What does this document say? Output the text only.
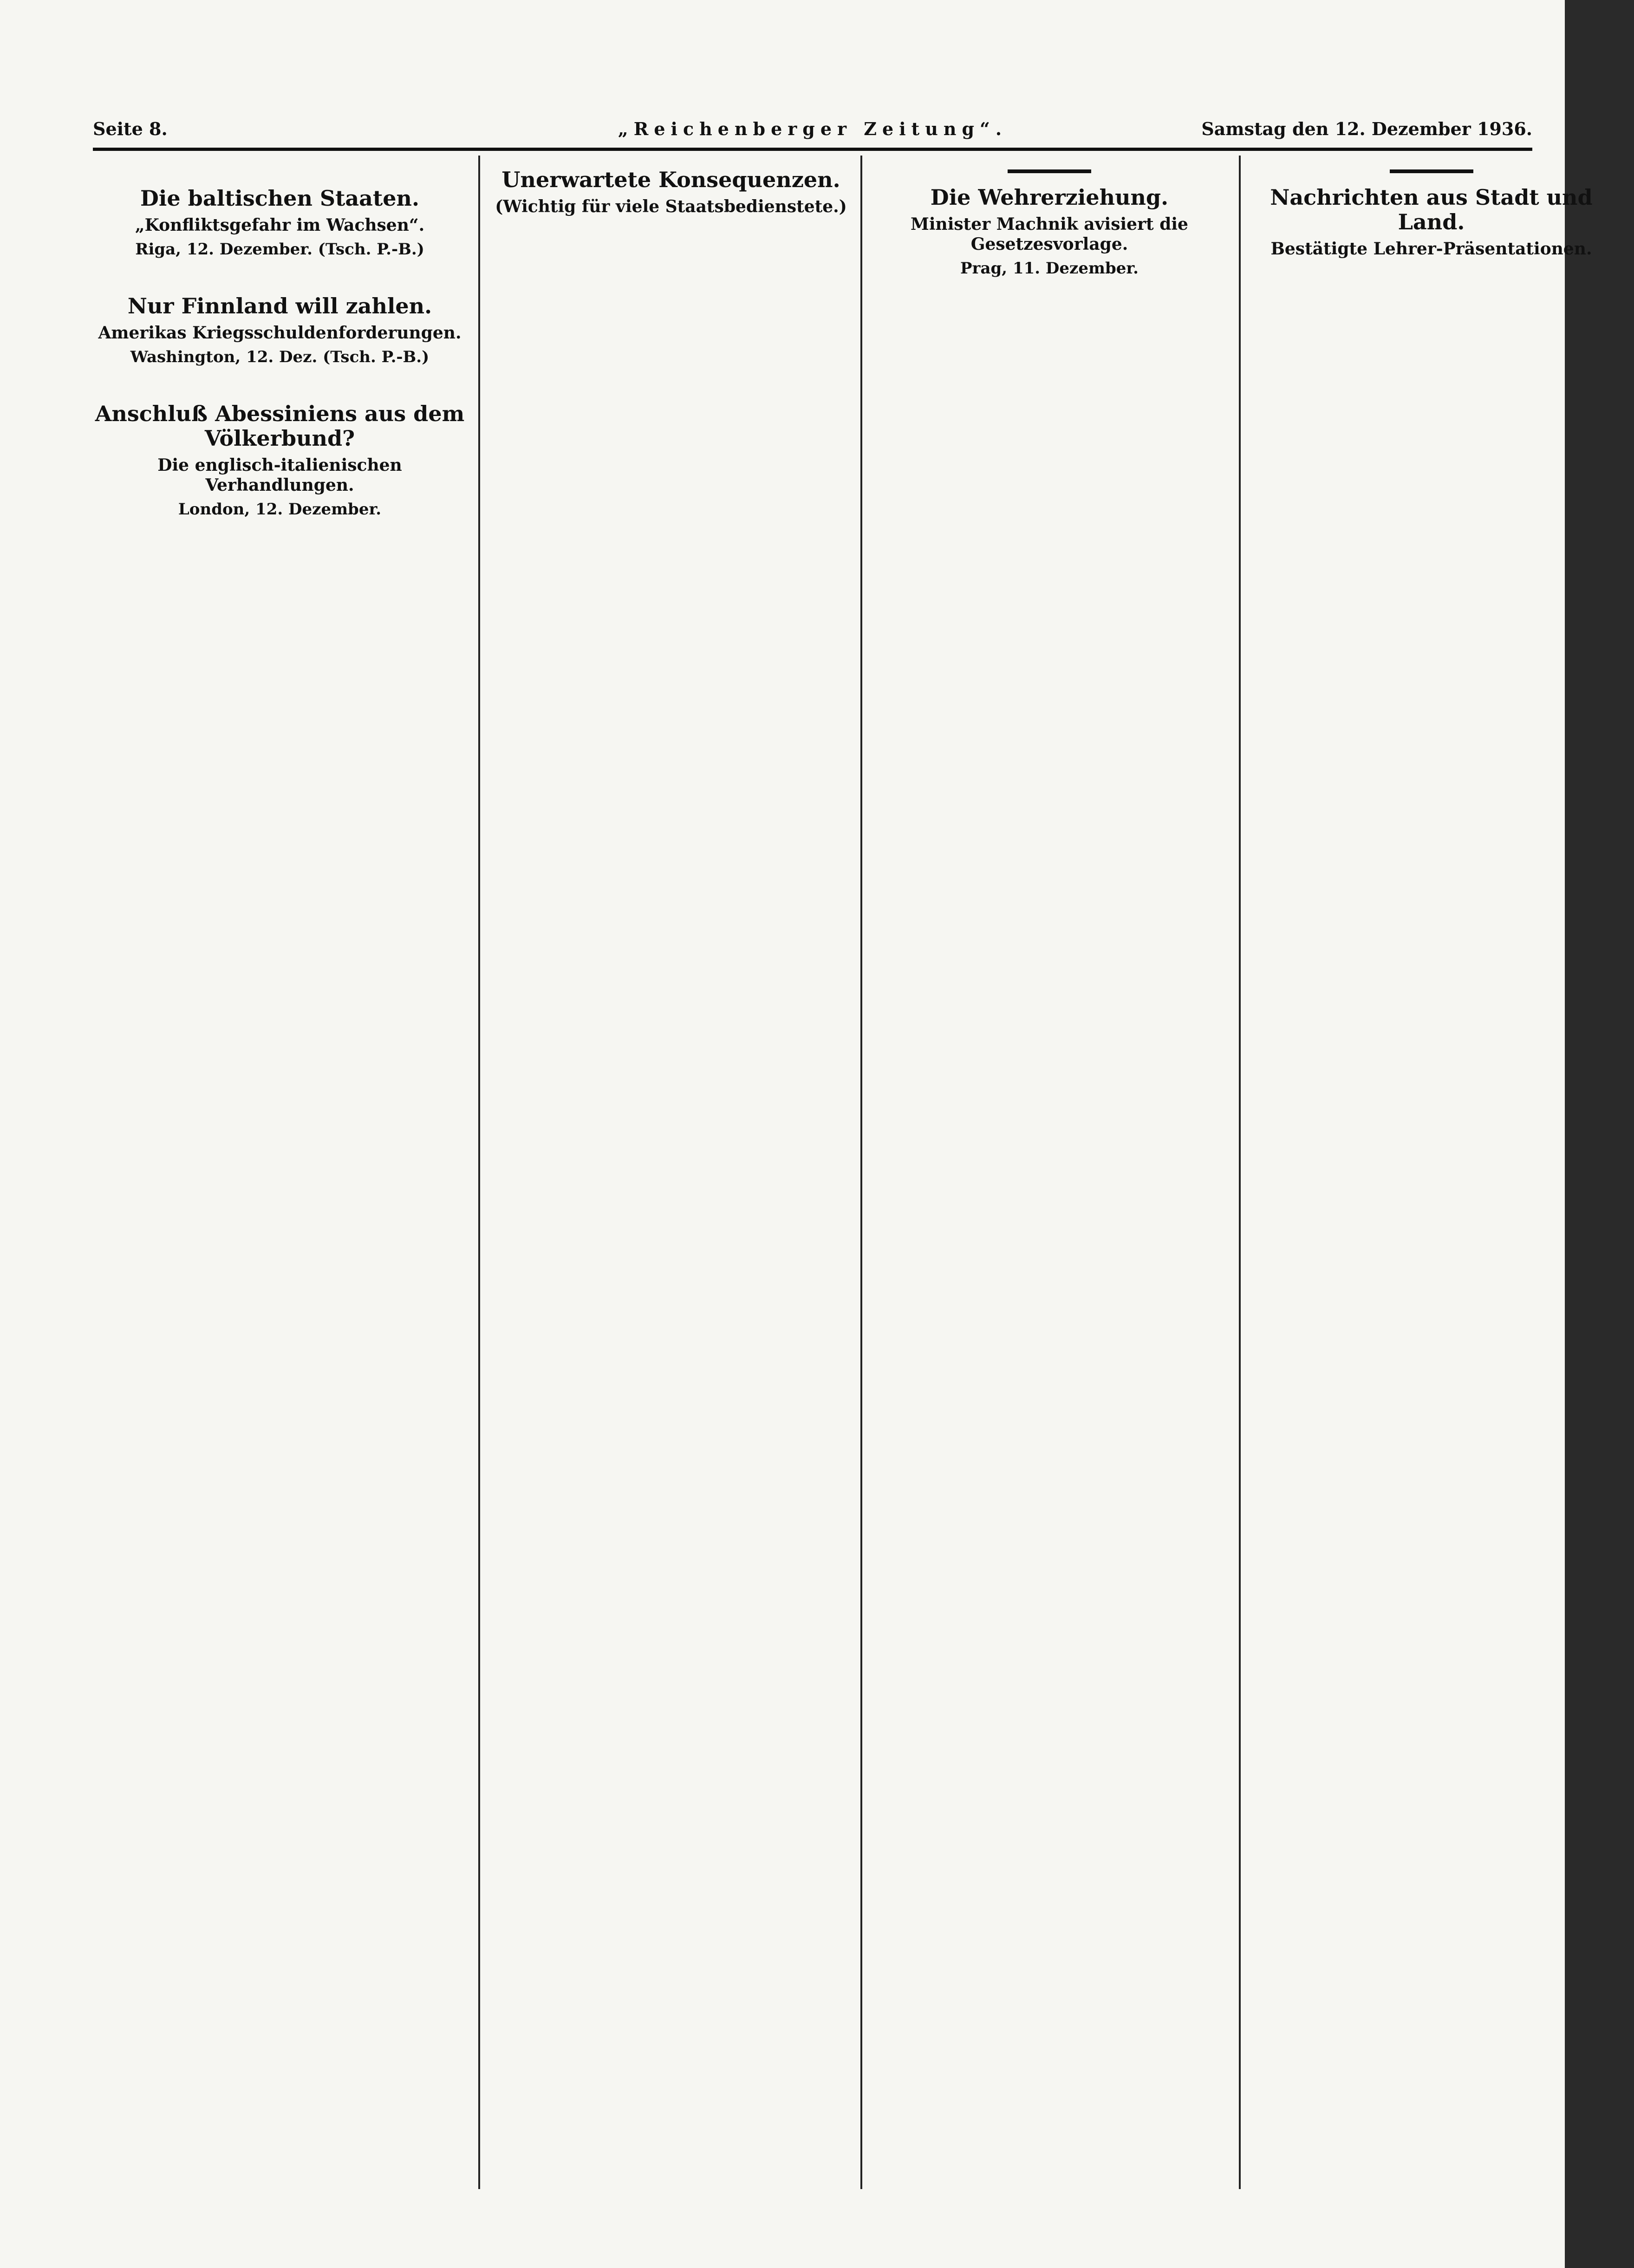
Seite 8.	„Reichenberger Zeitung“.	Samstag den 12. Dezember 1936.

Die baltischen Staaten.
„Konfliktsgefahr im Wachsen“.
Riga, 12. Dezember. (Tsch. P.-B.)

Nur Finnland will zahlen.
Amerikas Kriegsschuldenforderungen.
Washington, 12. Dez. (Tsch. P.-B.)

Anschluß Abessiniens aus dem Völkerbund?
Die englisch-italienischen Verhandlungen.
London, 12. Dezember.

Unerwartete Konsequenzen.
(Wichtig für viele Staatsbedienstete.)	Die Wehrerziehung.
Minister Machnik avisiert die Gesetzesvorlage.
Prag, 11. Dezember.

Nachrichten aus Stadt und Land.
Bestätigte Lehrer-Präsentationen.
